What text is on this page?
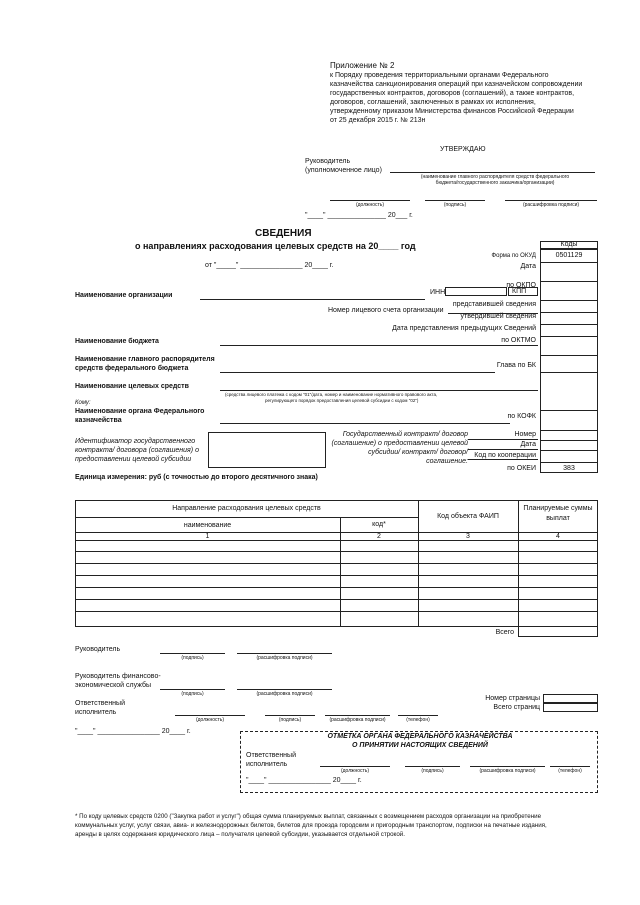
Приложение № 2
к Порядку проведения территориальными органами Федерального
казначейства санкционирования операций при казначейском сопровождении
государственных контрактов, договоров (соглашений), а также контрактов,
договоров, соглашений, заключенных в рамках их исполнения,
утвержденному приказом Министерства финансов Российской Федерации
от 25 декабря 2015 г. № 213н
УТВЕРЖДАЮ
Руководитель
(уполномоченное лицо)
(наименование главного распорядителя средств федерального
бюджета/государственного заказчика/организации)
(должность)	(подпись)	(расшифровка подписи)
"____" _______________ 20___ г.
СВЕДЕНИЯ
о направлениях расходования целевых средств на 20____ год
от "_____" ________________ 20____ г.
Коды
0501129
Форма по ОКУД
Дата
по ОКПО
ИНН	КПП
представившей сведения
Номер лицевого счета организации
утвердившей сведения
Дата представления предыдущих Сведений
по ОКТМО
Глава по БК
по КОФК
Номер
Дата
Код по кооперации
по ОКЕИ	383
Наименование организации
Наименование бюджета
Наименование главного распорядителя
средств федерального бюджета
Наименование целевых средств
(средства лицевого платежа с кодом "01"/дата, номер и наименование нормативного правового акта,
регулирующего порядок предоставления целевой субсидии с кодом "02")
Кому:
Наименование органа Федерального
казначейства
Идентификатор государственного
контракта/ договора (соглашения) о
предоставлении целевой субсидии
Государственный контракт/ договор
(соглашение) о предоставлении целевой
субсидии/ контракт/ договор/
соглашение:
Единица измерения: руб (с точностью до второго десятичного знака)
Направление расходования целевых средств
наименование	код*
Код объекта ФАИП
Планируемые суммы
выплат
1	2	3	4
Всего
Руководитель
(подпись)	(расшифровка подписи)
Руководитель финансово-
экономической службы
(подпись)	(расшифровка подписи)
Ответственный
исполнитель
(должность)	(подпись)	(расшифровка подписи)	(телефон)
"____" ________________ 20____ г.
Номер страницы
Всего страниц
ОТМЕТКА ОРГАНА ФЕДЕРАЛЬНОГО КАЗНАЧЕЙСТВА
О ПРИНЯТИИ НАСТОЯЩИХ СВЕДЕНИЙ
Ответственный
исполнитель
(должность)	(подпись)	(расшифровка подписи)	(телефон)
"____" ________________ 20____ г.
* По коду целевых средств 0200 ("Закупка работ и услуг") общая сумма планируемых выплат, связанных с возмещением расходов организации на приобретение
коммунальных услуг, услуг связи, авиа- и железнодорожных билетов, билетов для проезда городским и пригородным транспортом, подписки на печатные издания,
аренды в целях содержания юридического лица – получателя целевой субсидии, указывается отдельной строкой.
